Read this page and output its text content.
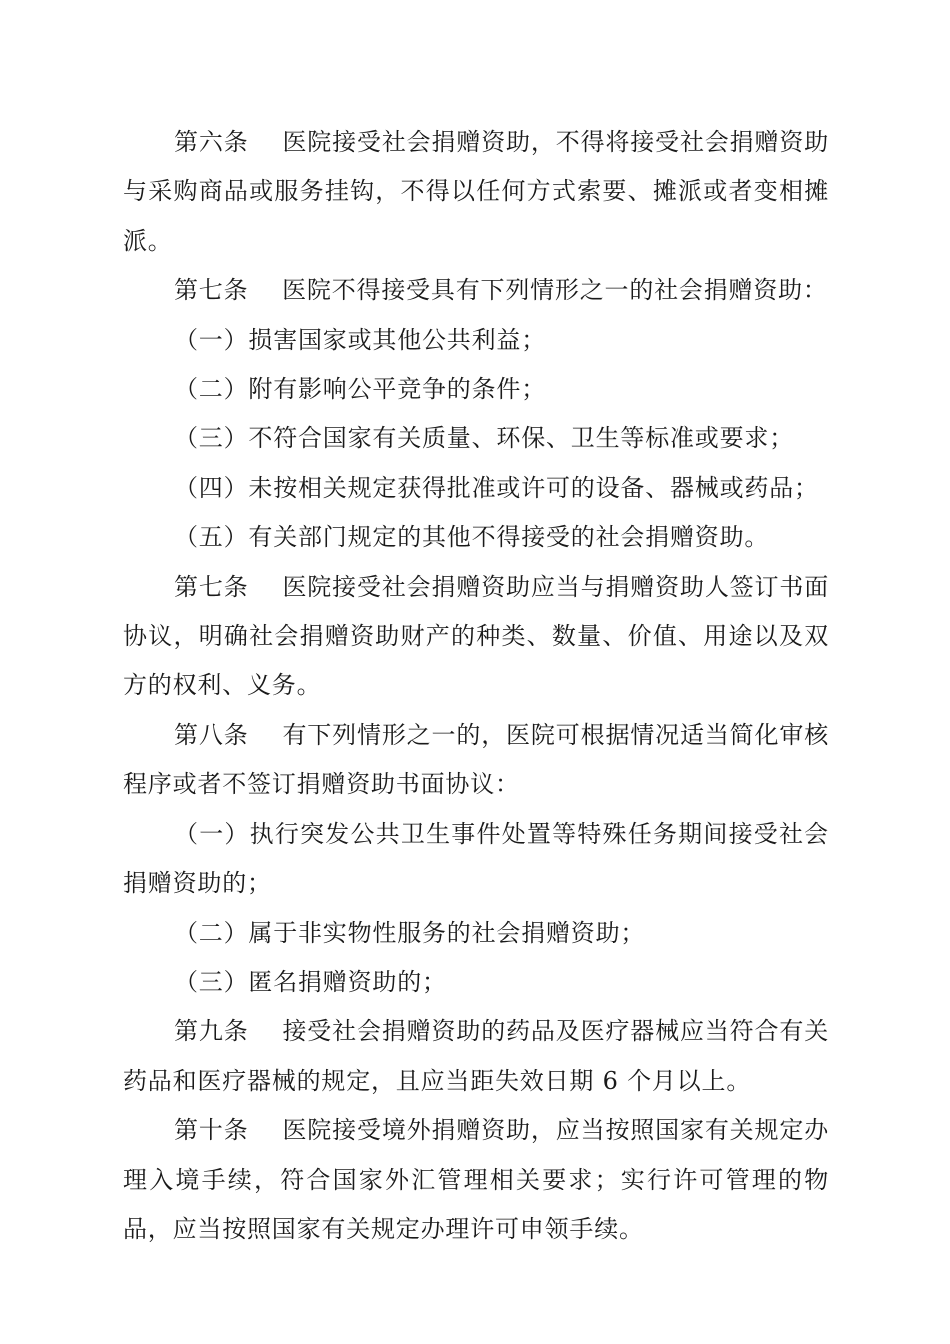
第六条 医院接受社会捐赠资助，不得将接受社会捐赠资助与采购商品或服务挂钩，不得以任何方式索要、摊派或者变相摊派。

第七条 医院不得接受具有下列情形之一的社会捐赠资助：

（一）损害国家或其他公共利益；

（二）附有影响公平竞争的条件；

（三）不符合国家有关质量、环保、卫生等标准或要求；

（四）未按相关规定获得批准或许可的设备、器械或药品；

（五）有关部门规定的其他不得接受的社会捐赠资助。

第七条 医院接受社会捐赠资助应当与捐赠资助人签订书面协议，明确社会捐赠资助财产的种类、数量、价值、用途以及双方的权利、义务。

第八条 有下列情形之一的，医院可根据情况适当简化审核程序或者不签订捐赠资助书面协议：

（一）执行突发公共卫生事件处置等特殊任务期间接受社会捐赠资助的；

（二）属于非实物性服务的社会捐赠资助；

（三）匿名捐赠资助的；

第九条 接受社会捐赠资助的药品及医疗器械应当符合有关药品和医疗器械的规定，且应当距失效日期 6 个月以上。

第十条 医院接受境外捐赠资助，应当按照国家有关规定办理入境手续，符合国家外汇管理相关要求；实行许可管理的物品，应当按照国家有关规定办理许可申领手续。
